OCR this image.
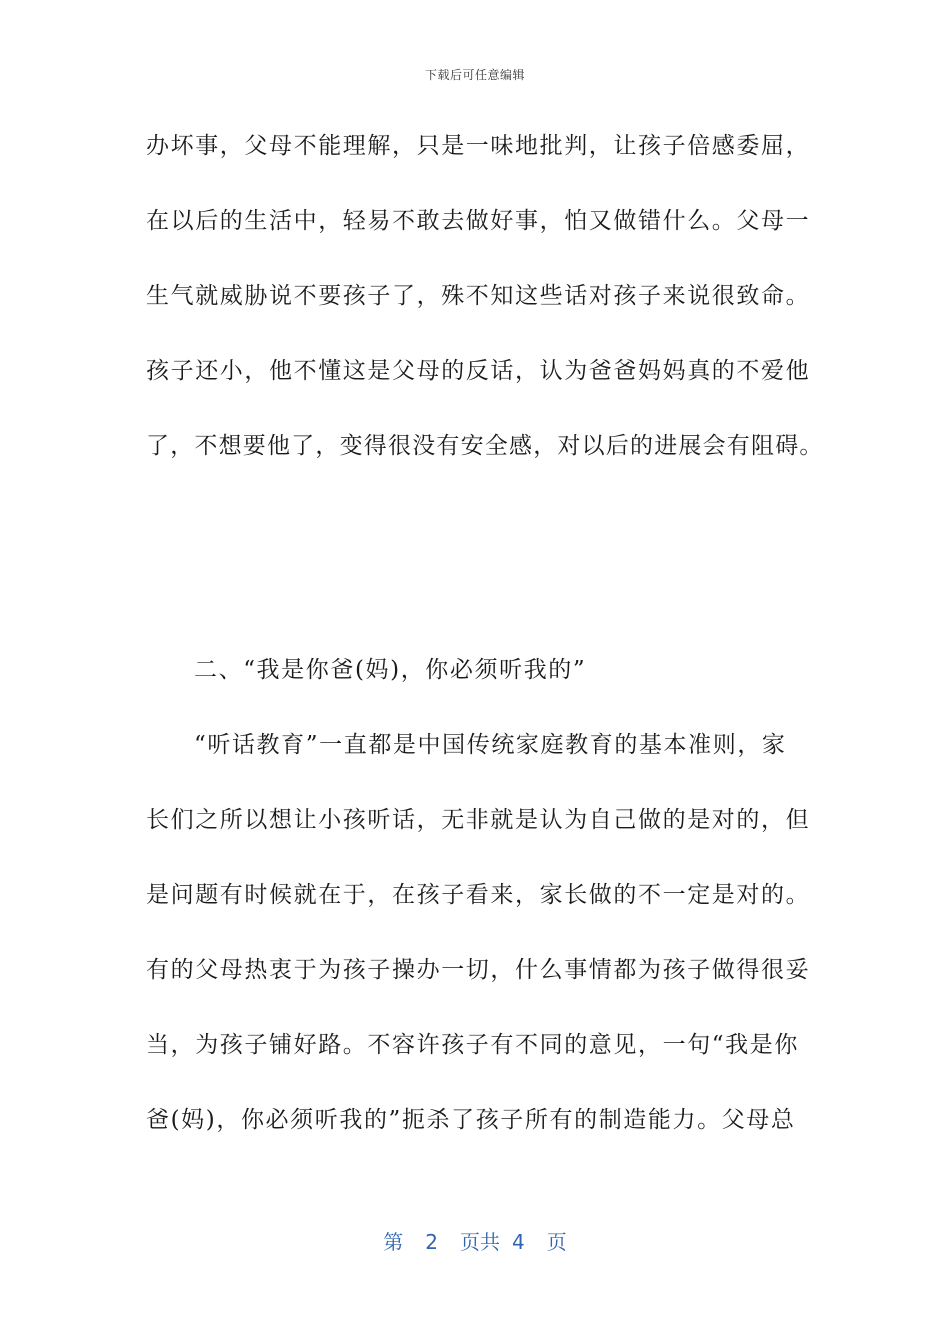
下载后可任意编辑
办坏事，父母不能理解，只是一味地批判，让孩子倍感委屈，
在以后的生活中，轻易不敢去做好事，怕又做错什么。父母一
生气就威胁说不要孩子了，殊不知这些话对孩子来说很致命。
孩子还小，他不懂这是父母的反话，认为爸爸妈妈真的不爱他
了，不想要他了，变得很没有安全感，对以后的进展会有阻碍。
二、“我是你爸(妈)，你必须听我的”
“听话教育”一直都是中国传统家庭教育的基本准则，家
长们之所以想让小孩听话，无非就是认为自己做的是对的，但
是问题有时候就在于，在孩子看来，家长做的不一定是对的。
有的父母热衷于为孩子操办一切，什么事情都为孩子做得很妥
当，为孩子铺好路。不容许孩子有不同的意见，一句“我是你
爸(妈)，你必须听我的”扼杀了孩子所有的制造能力。父母总
第 2 页共 4 页
